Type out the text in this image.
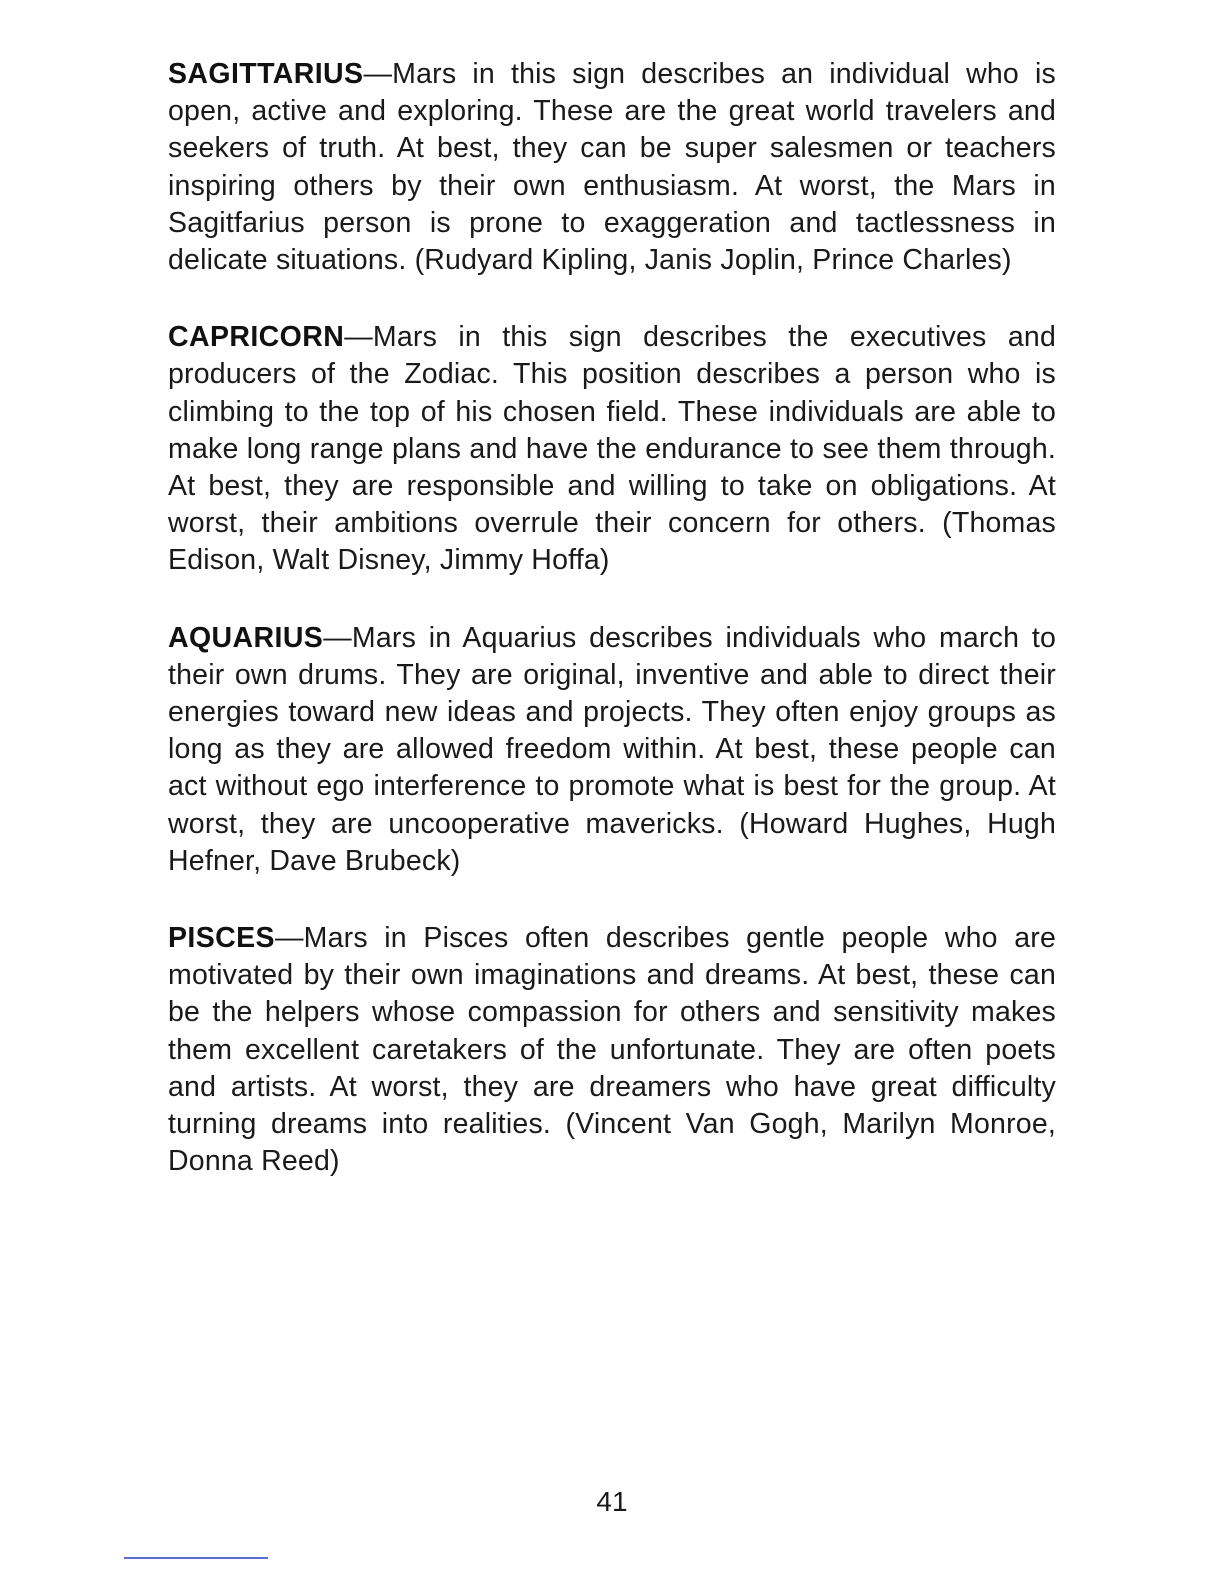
SAGITTARIUS—Mars in this sign describes an individual who is open, active and exploring. These are the great world travelers and seekers of truth. At best, they can be super salesmen or teachers inspiring others by their own enthusiasm. At worst, the Mars in Sagitfarius person is prone to exaggeration and tactlessness in delicate situations. (Rudyard Kipling, Janis Joplin, Prince Charles)

CAPRICORN—Mars in this sign describes the executives and producers of the Zodiac. This position describes a person who is climbing to the top of his chosen field. These individuals are able to make long range plans and have the endurance to see them through. At best, they are responsible and willing to take on obligations. At worst, their ambitions overrule their concern for others. (Thomas Edison, Walt Disney, Jimmy Hoffa)

AQUARIUS—Mars in Aquarius describes individuals who march to their own drums. They are original, inventive and able to direct their energies toward new ideas and projects. They often enjoy groups as long as they are allowed freedom within. At best, these people can act without ego interference to promote what is best for the group. At worst, they are uncooperative mavericks. (Howard Hughes, Hugh Hefner, Dave Brubeck)

PISCES—Mars in Pisces often describes gentle people who are motivated by their own imaginations and dreams. At best, these can be the helpers whose compassion for others and sensitivity makes them excellent caretakers of the unfortunate. They are often poets and artists. At worst, they are dreamers who have great difficulty turning dreams into realities. (Vincent Van Gogh, Marilyn Monroe, Donna Reed)

41
